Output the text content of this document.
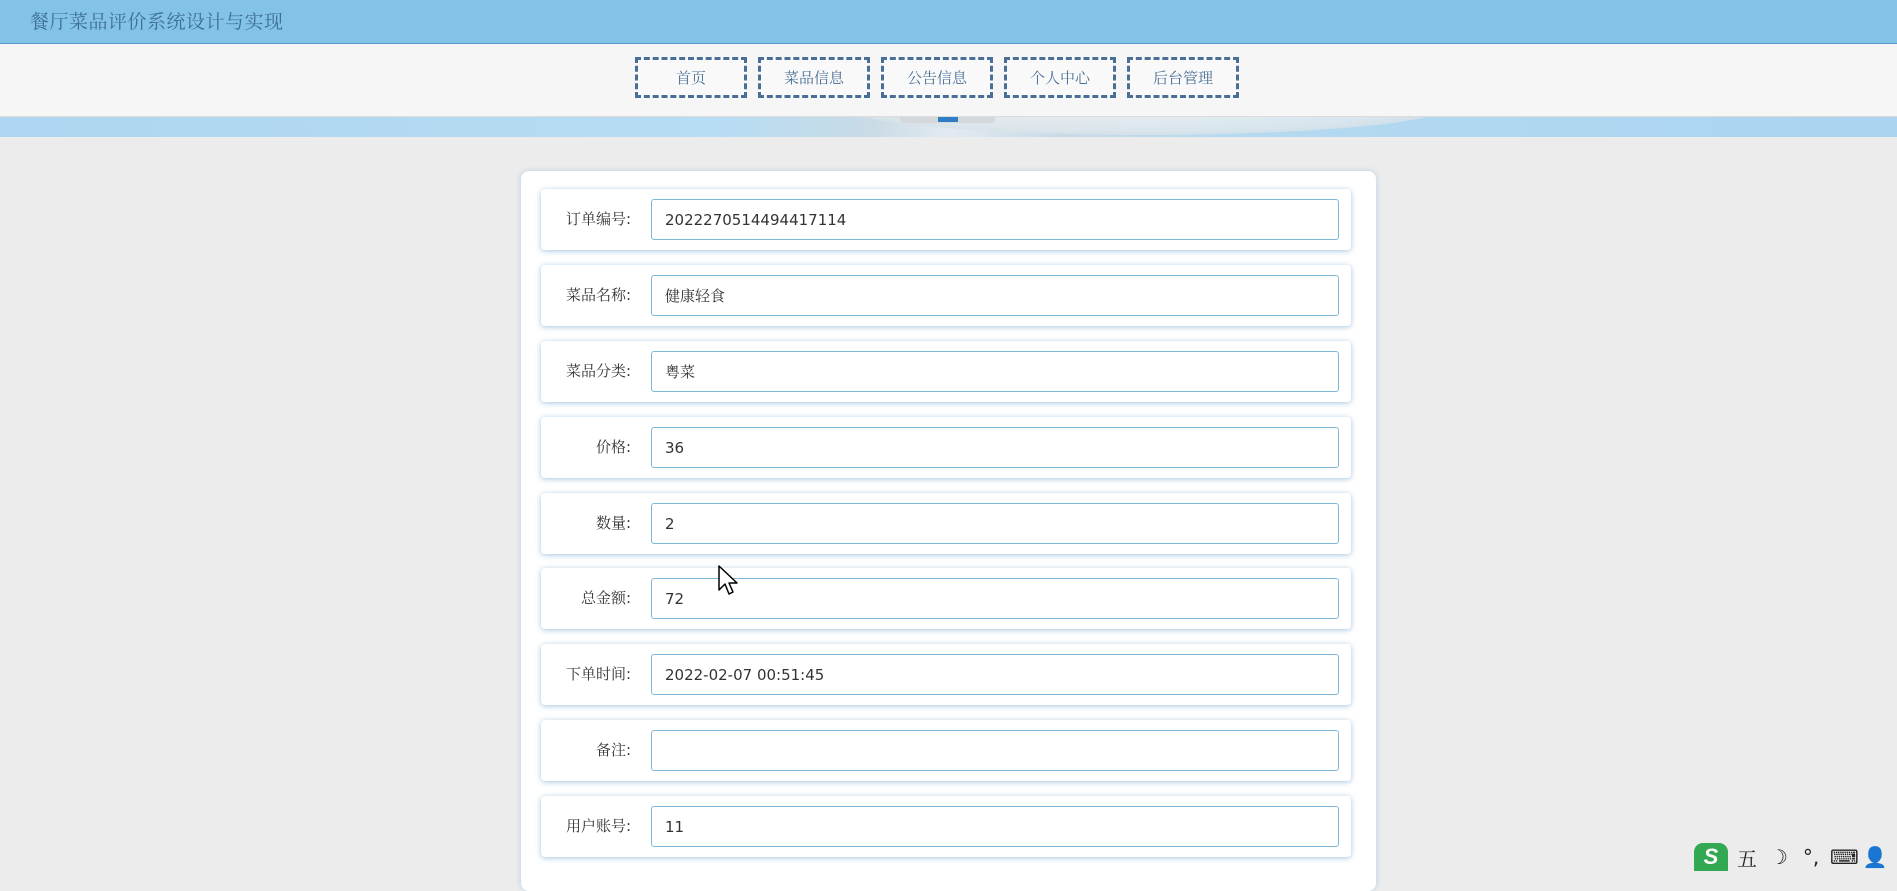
餐厅菜品评价系统设计与实现
首页	菜品信息	公告信息	个人中心	后台管理
订单编号:
2022270514494417114
菜品名称:
健康轻食
菜品分类:
粤菜
价格:
36
数量:
2
总金额:
72
下单时间:
2022-02-07 00:51:45
备注:
用户账号:
11
S 五 ☽ °, ⌨ 👤
